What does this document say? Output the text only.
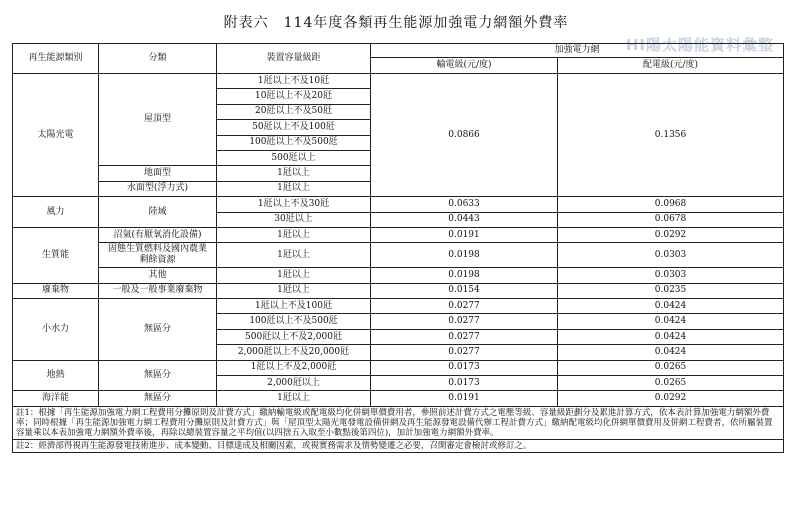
附表六　114年度各類再生能源加強電力網額外費率
HI陽太陽能資料彙整
再生能源類別	分類	裝置容量級距	加強電力網	
			輸電級(元/度)	配電級(元/度)
太陽光電	屋頂型	1瓩以上不及10瓩	0.0866	0.1356
		10瓩以上不及20瓩		
		20瓩以上不及50瓩		
		50瓩以上不及100瓩		
		100瓩以上不及500瓩		
		500瓩以上		
	地面型	1瓩以上		
	水面型(浮力式)	1瓩以上		
風力	陸域	1瓩以上不及30瓩	0.0633	0.0968
		30瓩以上	0.0443	0.0678
生質能	沼氣(有厭氧消化設備)	1瓩以上	0.0191	0.0292
	固態生質燃料及國內農業剩餘資源	1瓩以上	0.0198	0.0303
	其他	1瓩以上	0.0198	0.0303
廢棄物	一般及一般事業廢棄物	1瓩以上	0.0154	0.0235
小水力	無區分	1瓩以上不及100瓩	0.0277	0.0424
		100瓩以上不及500瓩	0.0277	0.0424
		500瓩以上不及2,000瓩	0.0277	0.0424
		2,000瓩以上不及20,000瓩	0.0277	0.0424
地熱	無區分	1瓩以上不及2,000瓩	0.0173	0.0265
		2,000瓩以上	0.0173	0.0265
海洋能	無區分	1瓩以上	0.0191	0.0292
註1：根據「再生能源加強電力網工程費用分攤原則及計費方式」繳納輸電級或配電級均化併網單價費用者，參照前述計費方式之電壓等級、容量級距劃分及累進計算方式，依本表計算加強電力網額外費率；同時根據「再生能源加強電力網工程費用分攤原則及計費方式」與「屋頂型太陽光電發電設備併網及再生能源發電設備代辦工程計費方式」繳納配電級均化併網單價費用及併網工程費者，依所屬裝置容量乘以本表加強電力網額外費率後，再除以總裝置容量之平均值(以四捨五入取至小數點後第四位)，加計加強電力網額外費率。				
註2：經濟部得視再生能源發電技術進步、成本變動、目標達成及相關因素，或視實務需求及情勢變遷之必要，召開審定會檢討或修訂之。				
